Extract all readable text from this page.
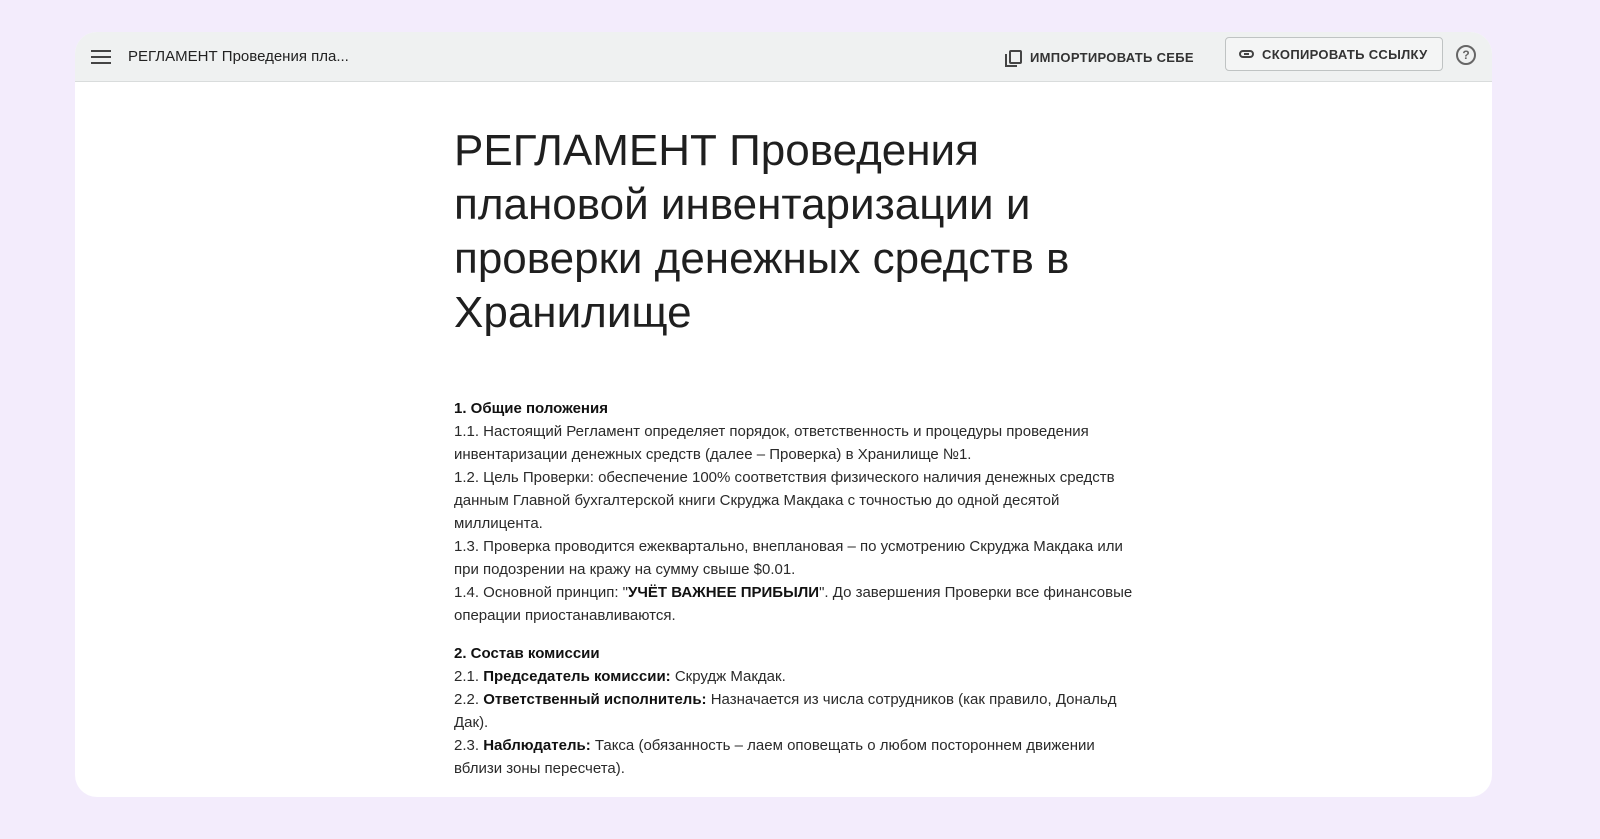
РЕГЛАМЕНТ Проведения пла...	ИМПОРТИРОВАТЬ СЕБЕ	СКОПИРОВАТЬ ССЫЛКУ	?
РЕГЛАМЕНТ Проведения плановой инвентаризации и проверки денежных средств в Хранилище

1. Общие положения

1.1. Настоящий Регламент определяет порядок, ответственность и процедуры проведения инвентаризации денежных средств (далее – Проверка) в Хранилище №1.

1.2. Цель Проверки: обеспечение 100% соответствия физического наличия денежных средств данным Главной бухгалтерской книги Скруджа Макдака с точностью до одной десятой миллицента.

1.3. Проверка проводится ежеквартально, внеплановая – по усмотрению Скруджа Макдака или при подозрении на кражу на сумму свыше $0.01.

1.4. Основной принцип: "УЧЁТ ВАЖНЕЕ ПРИБЫЛИ". До завершения Проверки все финансовые операции приостанавливаются.

2. Состав комиссии

2.1. Председатель комиссии: Скрудж Макдак.

2.2. Ответственный исполнитель: Назначается из числа сотрудников (как правило, Дональд Дак).

2.3. Наблюдатель: Такса (обязанность – лаем оповещать о любом постороннем движении вблизи зоны пересчета).
